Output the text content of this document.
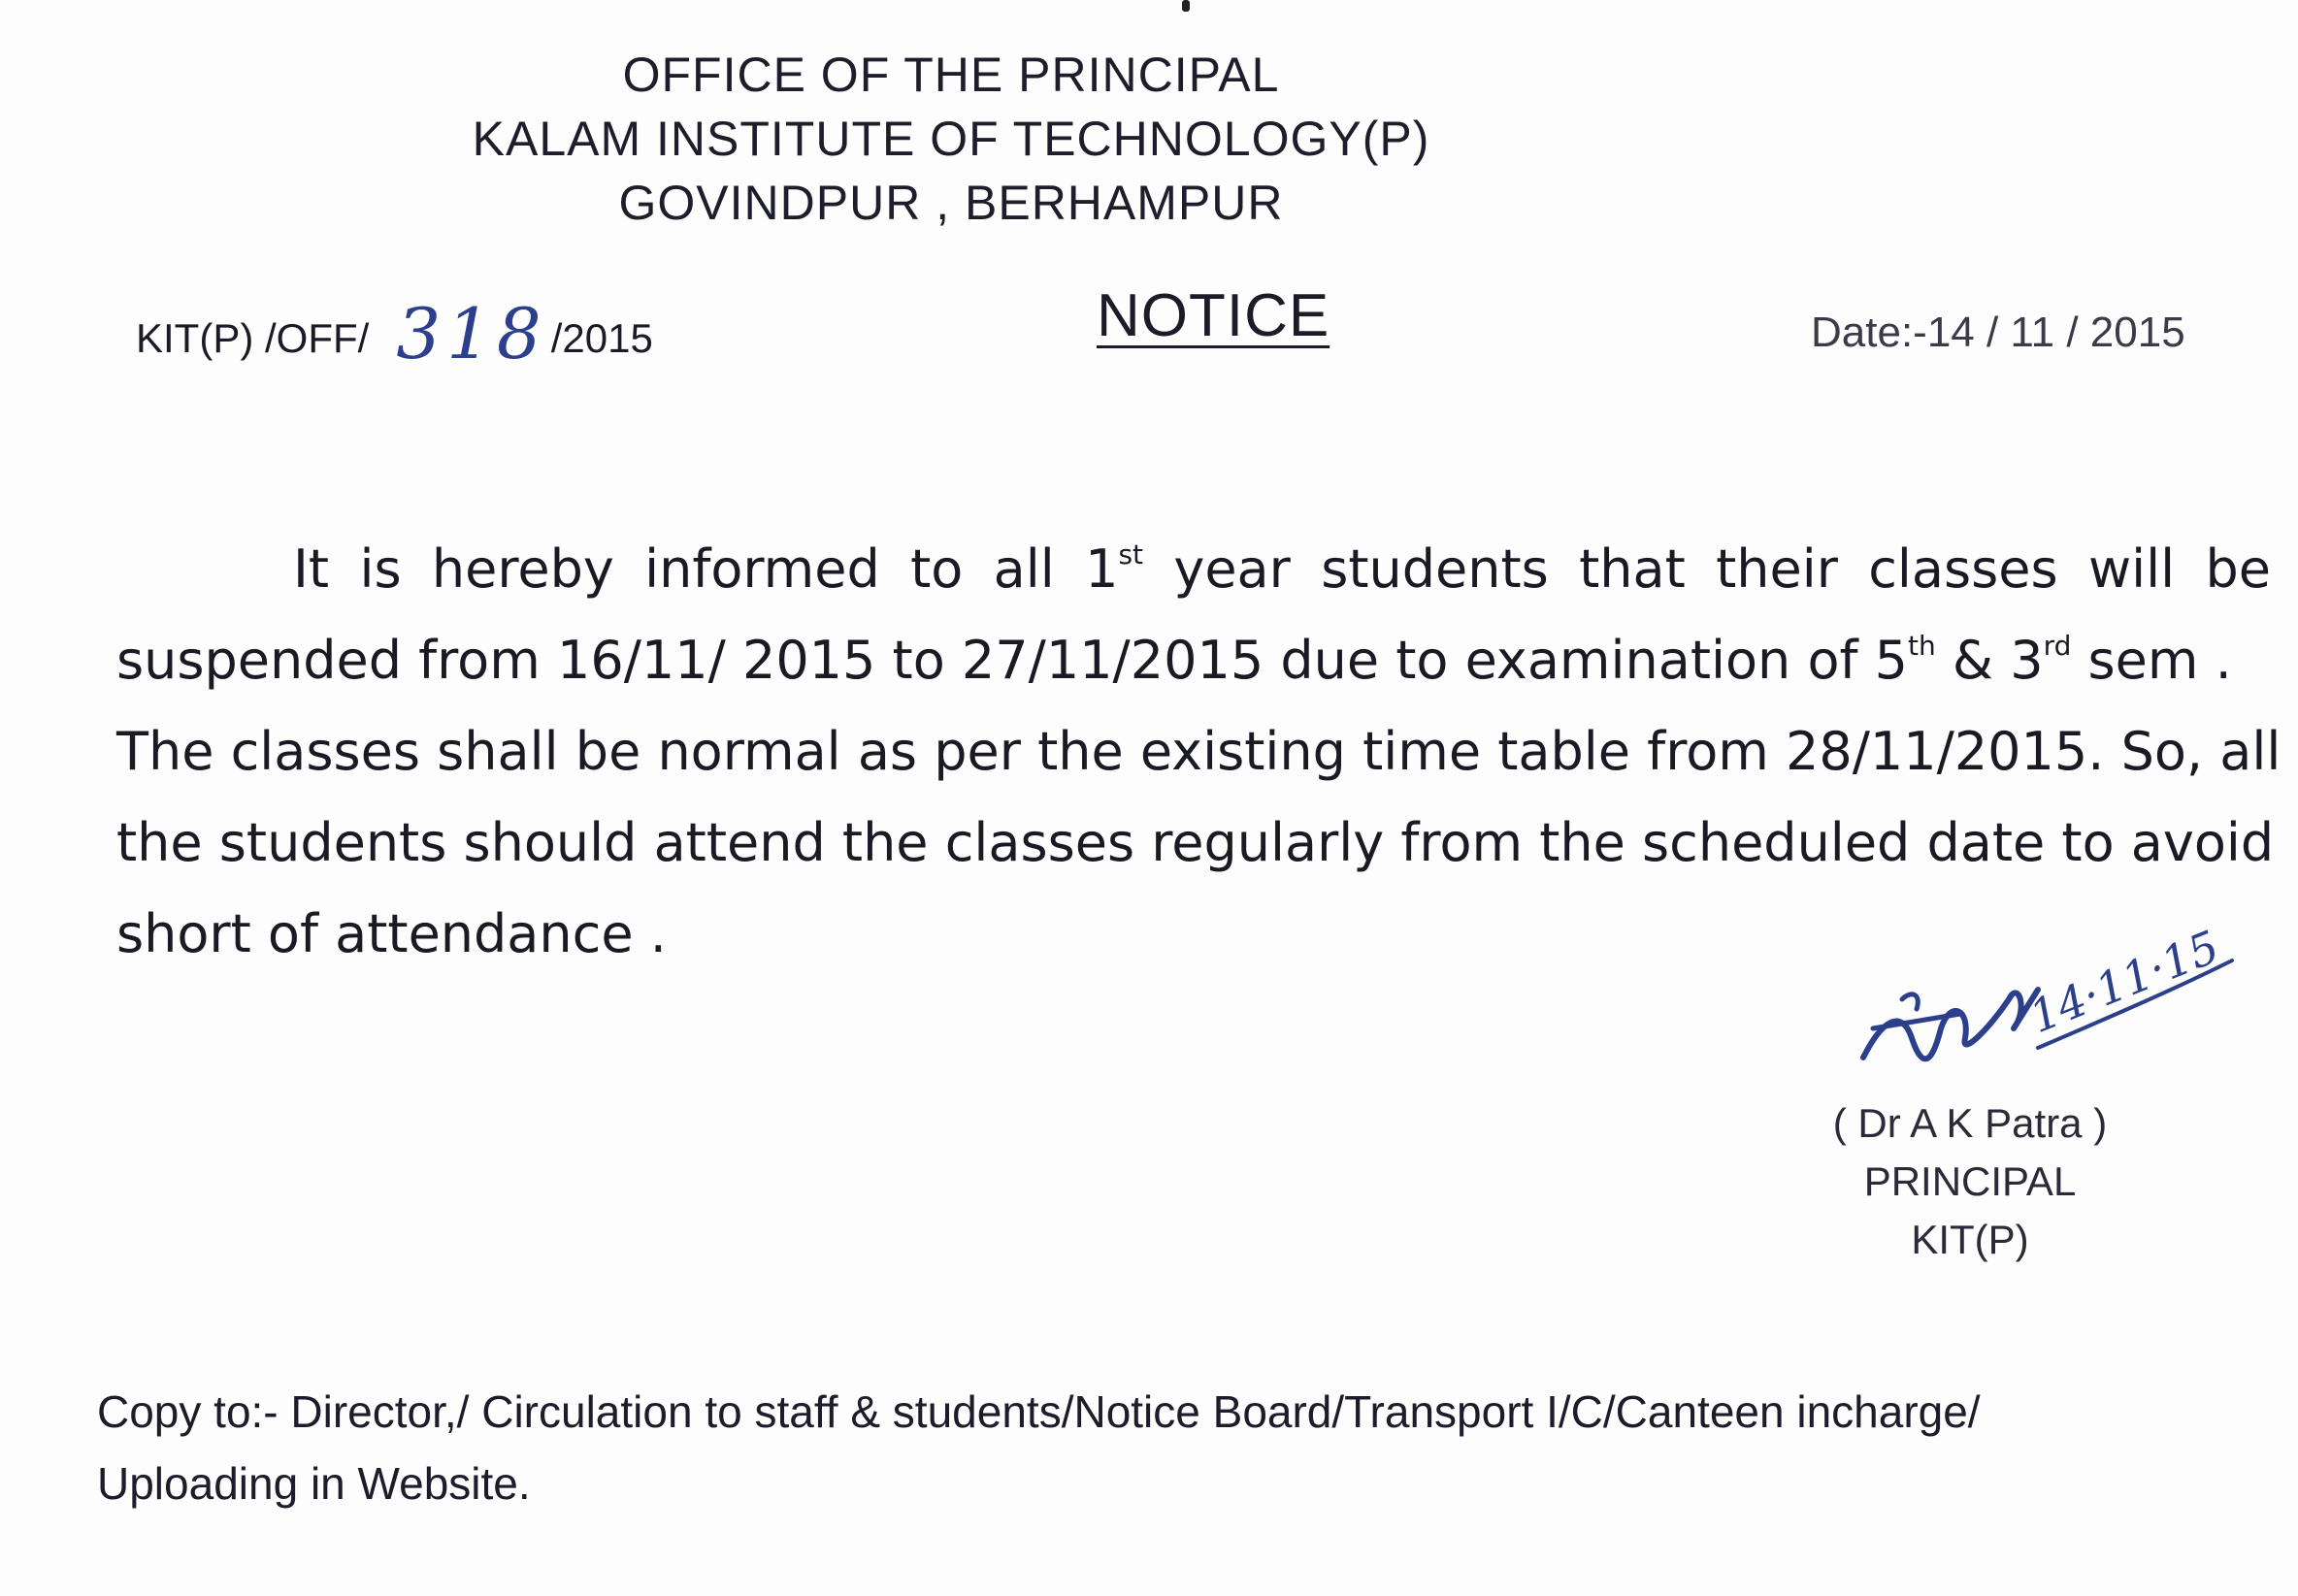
OFFICE OF THE PRINCIPAL
KALAM INSTITUTE OF TECHNOLOGY(P)
GOVINDPUR , BERHAMPUR
KIT(P) /OFF/ 318/2015	NOTICE	Date:-14 / 11 / 2015
It is hereby informed to all 1st year students that their classes will be
suspended from 16/11/ 2015 to 27/11/2015 due to examination of 5th & 3rd sem .
The classes shall be normal as per the existing time table from 28/11/2015. So, all
the students should attend the classes regularly from the scheduled date to avoid
short of attendance .	14·11·15
( Dr A K Patra )
PRINCIPAL
KIT(P)
Copy to:- Director,/ Circulation to staff & students/Notice Board/Transport I/C/Canteen incharge/
Uploading in Website.
